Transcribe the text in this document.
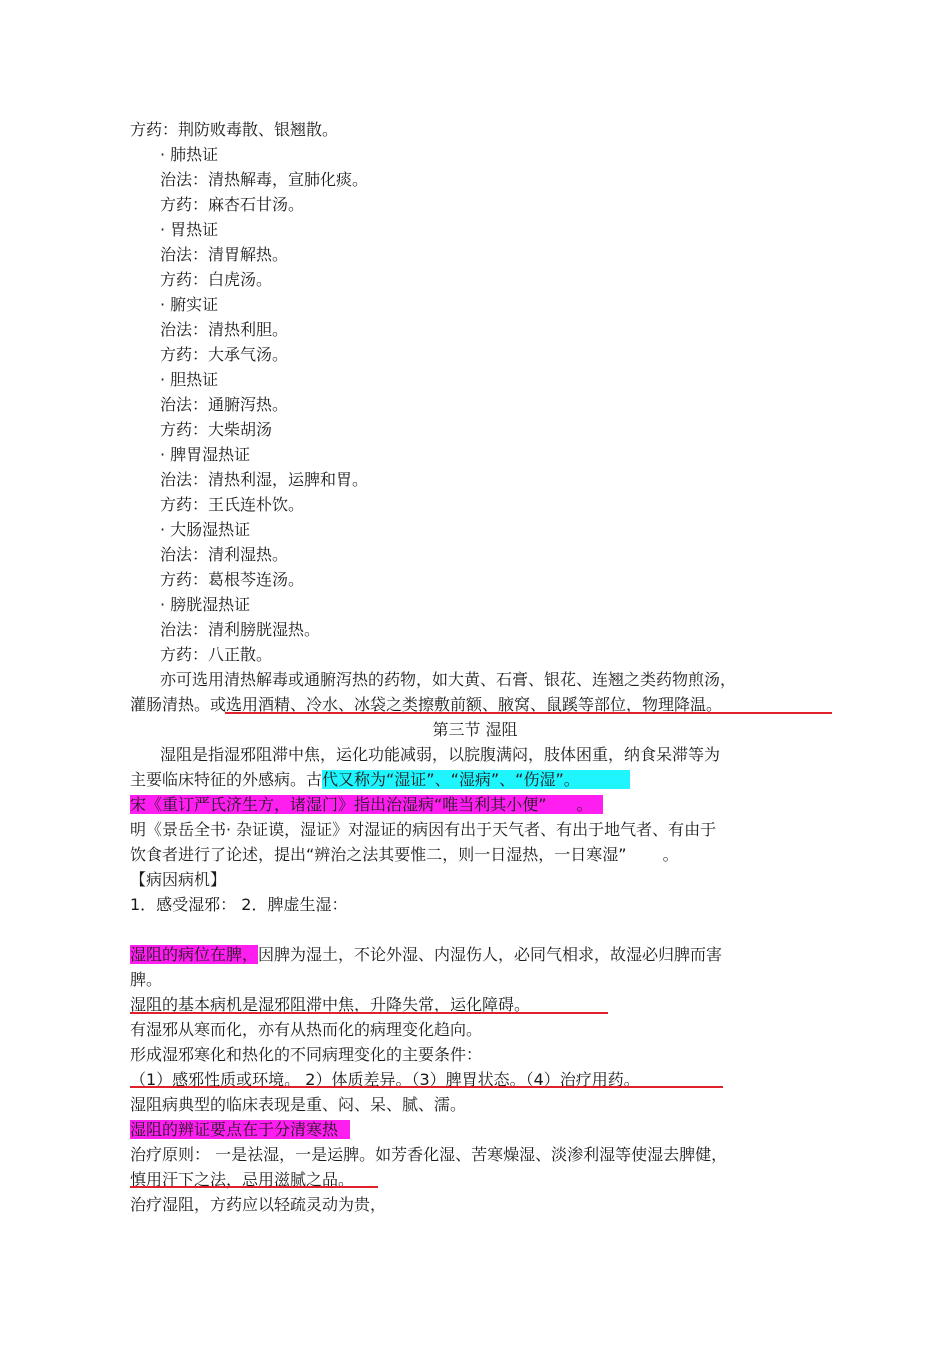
方药：荆防败毒散、银翘散。
· 肺热证
治法：清热解毒，宣肺化痰。
方药：麻杏石甘汤。
· 胃热证
治法：清胃解热。
方药：白虎汤。
· 腑实证
治法：清热利胆。
方药：大承气汤。
· 胆热证
治法：通腑泻热。
方药：大柴胡汤
· 脾胃湿热证
治法：清热利湿，运脾和胃。
方药：王氏连朴饮。
· 大肠湿热证
治法：清利湿热。
方药：葛根芩连汤。
· 膀胱湿热证
治法：清利膀胱湿热。
方药：八正散。
亦可选用清热解毒或通腑泻热的药物，如大黄、石膏、银花、连翘之类药物煎汤，
灌肠清热。或选用酒精、冷水、冰袋之类擦敷前额、腋窝、鼠蹊等部位，物理降温。
第三节 湿阻
湿阻是指湿邪阻滞中焦，运化功能减弱，以脘腹满闷，肢体困重，纳食呆滞等为
主要临床特征的外感病。古代又称为“湿证”、“湿病”、“伤湿”。
宋《重订严氏济生方，诸湿门》指出治湿病“唯当利其小便” 。
明《景岳全书· 杂证谟，湿证》对湿证的病因有出于天气者、有出于地气者、有由于
饮食者进行了论述，提出“辨治之法其要惟二，则一日湿热，一日寒湿” 。
【病因病机】
1．感受湿邪： 2．脾虚生湿：
湿阻的病位在脾，因脾为湿土，不论外湿、内湿伤人，必同气相求，故湿必归脾而害
脾。
湿阻的基本病机是湿邪阻滞中焦，升降失常，运化障碍。
有湿邪从寒而化，亦有从热而化的病理变化趋向。
形成湿邪寒化和热化的不同病理变化的主要条件：
（1）感邪性质或环境。 2）体质差异。（3）脾胃状态。（4）治疗用药。
湿阻病典型的临床表现是重、闷、呆、腻、濡。
湿阻的辨证要点在于分清寒热
治疗原则： 一是祛湿，一是运脾。如芳香化湿、苦寒燥湿、淡渗利湿等使湿去脾健，
慎用汗下之法，忌用滋腻之品。
治疗湿阻，方药应以轻疏灵动为贵，
